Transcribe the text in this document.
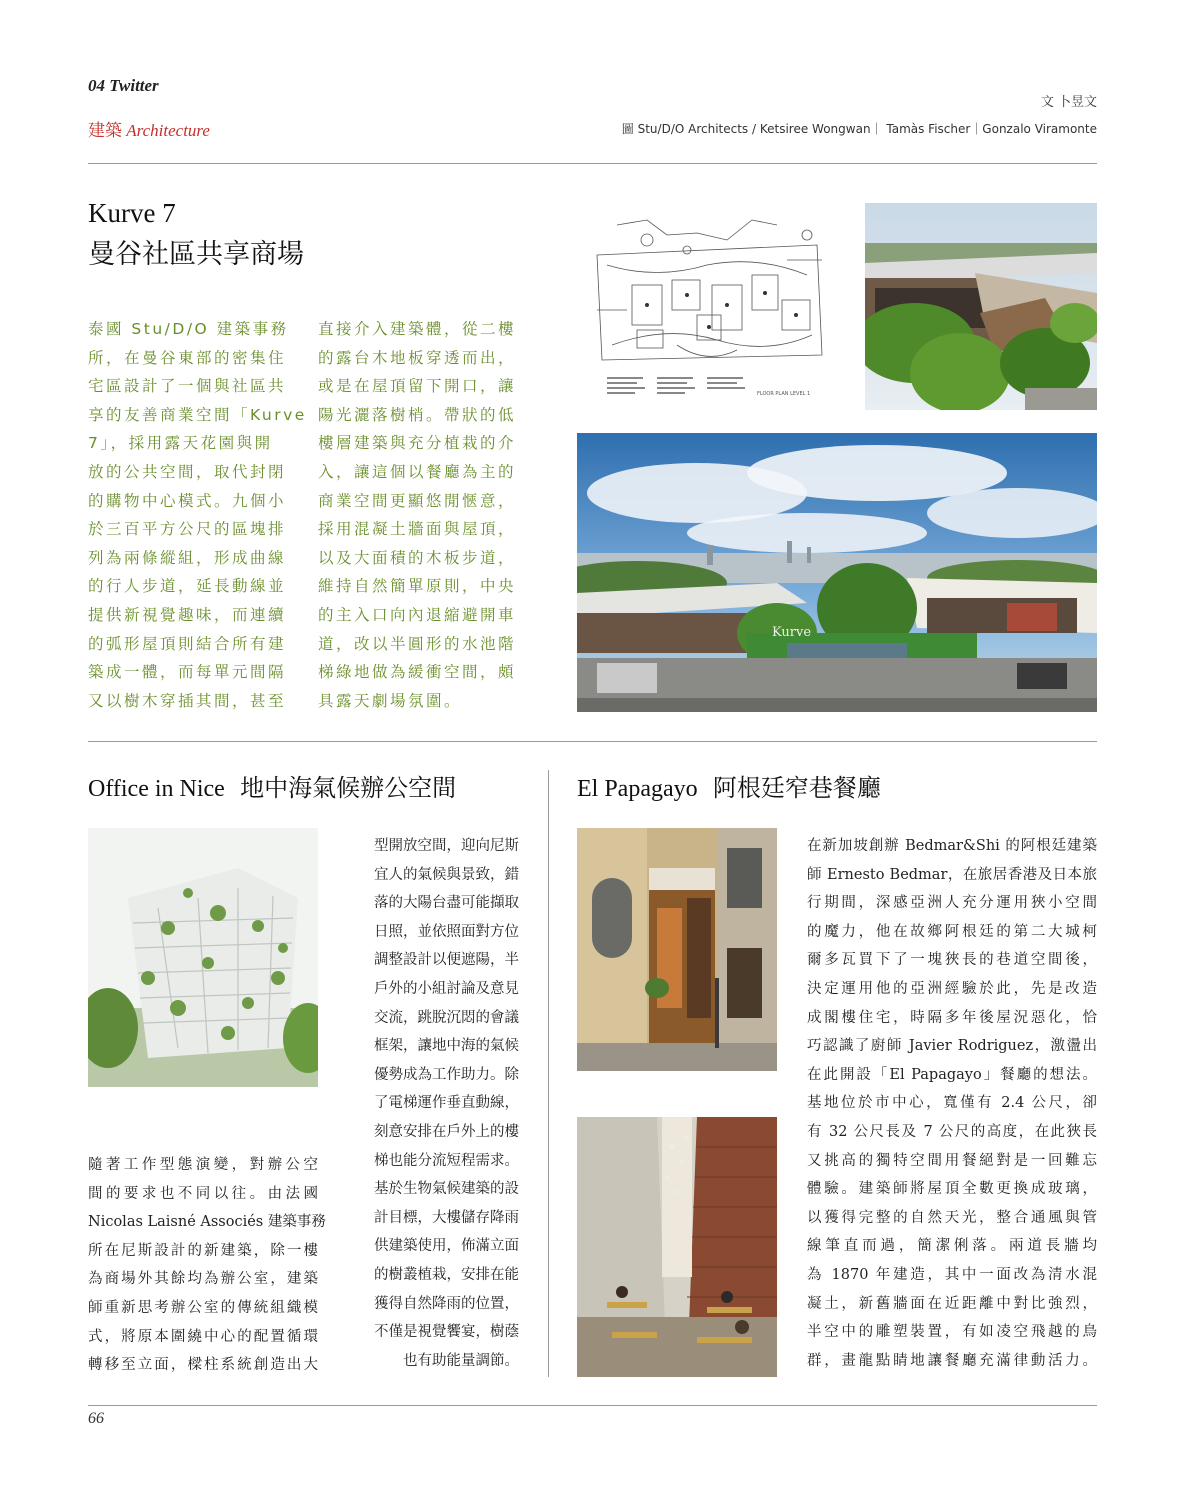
04 Twitter
建築 Architecture
文 卜昱文
圖 Stu/D/O Architects / Ketsiree Wongwan｜ Tamàs Fischer｜Gonzalo Viramonte
Kurve 7
曼谷社區共享商場

泰國 Stu/D/O 建築事務

所，在曼谷東部的密集住

宅區設計了一個與社區共

享的友善商業空間「Kurve

7」，採用露天花園與開

放的公共空間，取代封閉

的購物中心模式。九個小

於三百平方公尺的區塊排

列為兩條縱組，形成曲線

的行人步道，延長動線並

提供新視覺趣味，而連續

的弧形屋頂則結合所有建

築成一體，而每單元間隔

又以樹木穿插其間，甚至

直接介入建築體，從二樓

的露台木地板穿透而出，

或是在屋頂留下開口，讓

陽光灑落樹梢。帶狀的低

樓層建築與充分植栽的介

入，讓這個以餐廳為主的

商業空間更顯悠閒愜意，

採用混凝土牆面與屋頂，

以及大面積的木板步道，

維持自然簡單原則，中央

的主入口向內退縮避開車

道，改以半圓形的水池階

梯綠地做為緩衝空間，頗

具露天劇場氛圍。

FLOOR PLAN LEVEL 1
Kurve
Office in Nice 地中海氣候辦公空間

型開放空間，迎向尼斯

宜人的氣候與景致，錯

落的大陽台盡可能擷取

日照，並依照面對方位

調整設計以便遮陽，半

戶外的小組討論及意見

交流，跳脫沉悶的會議

框架，讓地中海的氣候

優勢成為工作助力。除

了電梯運作垂直動線，

刻意安排在戶外上的樓

梯也能分流短程需求。

基於生物氣候建築的設

計目標，大樓儲存降雨

供建築使用，佈滿立面

的樹叢植栽，安排在能

獲得自然降雨的位置，

不僅是視覺饗宴，樹蔭

也有助能量調節。

隨著工作型態演變，對辦公空

間的要求也不同以往。由法國

Nicolas Laisné Associés 建築事務

所在尼斯設計的新建築，除一樓

為商場外其餘均為辦公室，建築

師重新思考辦公室的傳統組織模

式，將原本圍繞中心的配置循環

轉移至立面，樑柱系統創造出大

El Papagayo 阿根廷窄巷餐廳

在新加坡創辦 Bedmar&Shi 的阿根廷建築

師 Ernesto Bedmar，在旅居香港及日本旅

行期間，深感亞洲人充分運用狹小空間

的魔力，他在故鄉阿根廷的第二大城柯

爾多瓦買下了一塊狹長的巷道空間後，

決定運用他的亞洲經驗於此，先是改造

成閣樓住宅，時隔多年後屋況惡化，恰

巧認識了廚師 Javier Rodriguez，激盪出

在此開設「El Papagayo」餐廳的想法。

基地位於市中心，寬僅有 2.4 公尺，卻

有 32 公尺長及 7 公尺的高度，在此狹長

又挑高的獨特空間用餐絕對是一回難忘

體驗。建築師將屋頂全數更換成玻璃，

以獲得完整的自然天光，整合通風與管

線筆直而過，簡潔俐落。兩道長牆均

為 1870 年建造，其中一面改為清水混

凝土，新舊牆面在近距離中對比強烈，

半空中的雕塑裝置，有如凌空飛越的鳥

群，畫龍點睛地讓餐廳充滿律動活力。

66
